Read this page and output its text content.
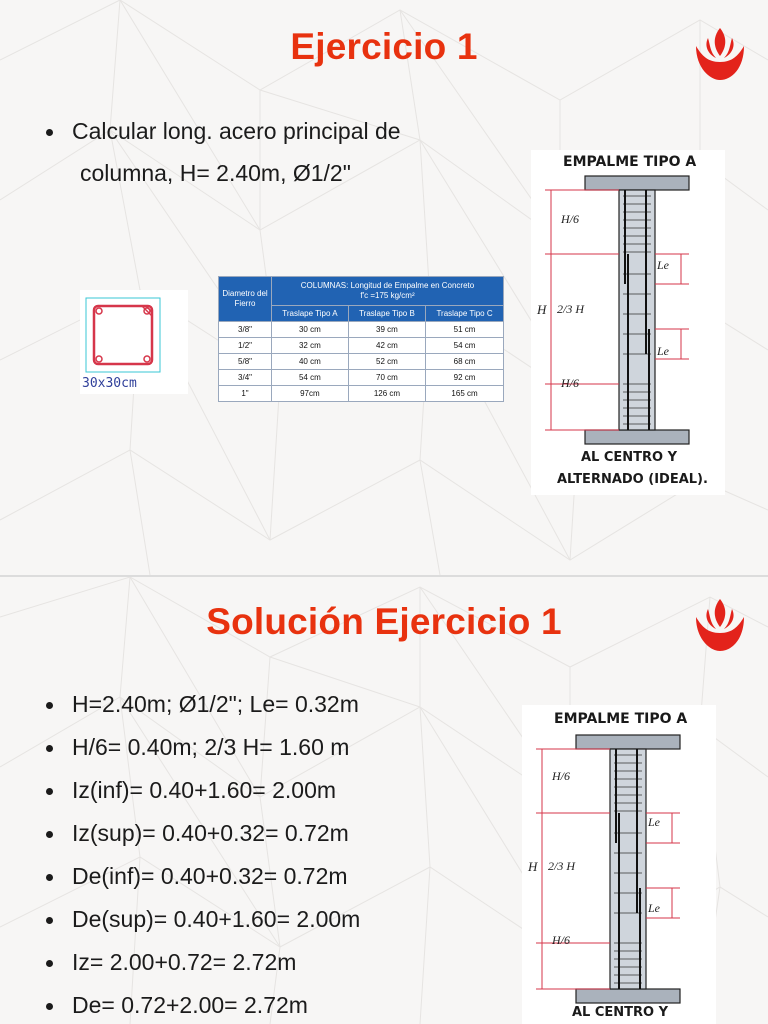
Ejercicio 1
Calcular long. acero principal de
columna, H= 2.40m, Ø1/2"
30x30cm
Diametro del Fierro	COLUMNAS: Longitud de Empalme en Concreto
f'c =175 kg/cm²		
	Traslape Tipo A	Traslape Tipo B	Traslape Tipo C
3/8"	30 cm	39 cm	51 cm
1/2"	32 cm	42 cm	54 cm
5/8"	40 cm	52 cm	68 cm
3/4"	54 cm	70 cm	92 cm
1"	97cm	126 cm	165 cm
EMPALME TIPO A
H/6
H 2/3 H
H/6
Le
Le
AL CENTRO Y
ALTERNADO (IDEAL).
Solución Ejercicio 1
H=2.40m; Ø1/2"; Le= 0.32m
H/6= 0.40m; 2/3 H= 1.60 m
Iz(inf)= 0.40+1.60= 2.00m
Iz(sup)= 0.40+0.32= 0.72m
De(inf)= 0.40+0.32= 0.72m
De(sup)= 0.40+1.60= 2.00m
Iz= 2.00+0.72= 2.72m
De= 0.72+2.00= 2.72m
EMPALME TIPO A
H/6
H 2/3 H
H/6
Le
Le
AL CENTRO Y
